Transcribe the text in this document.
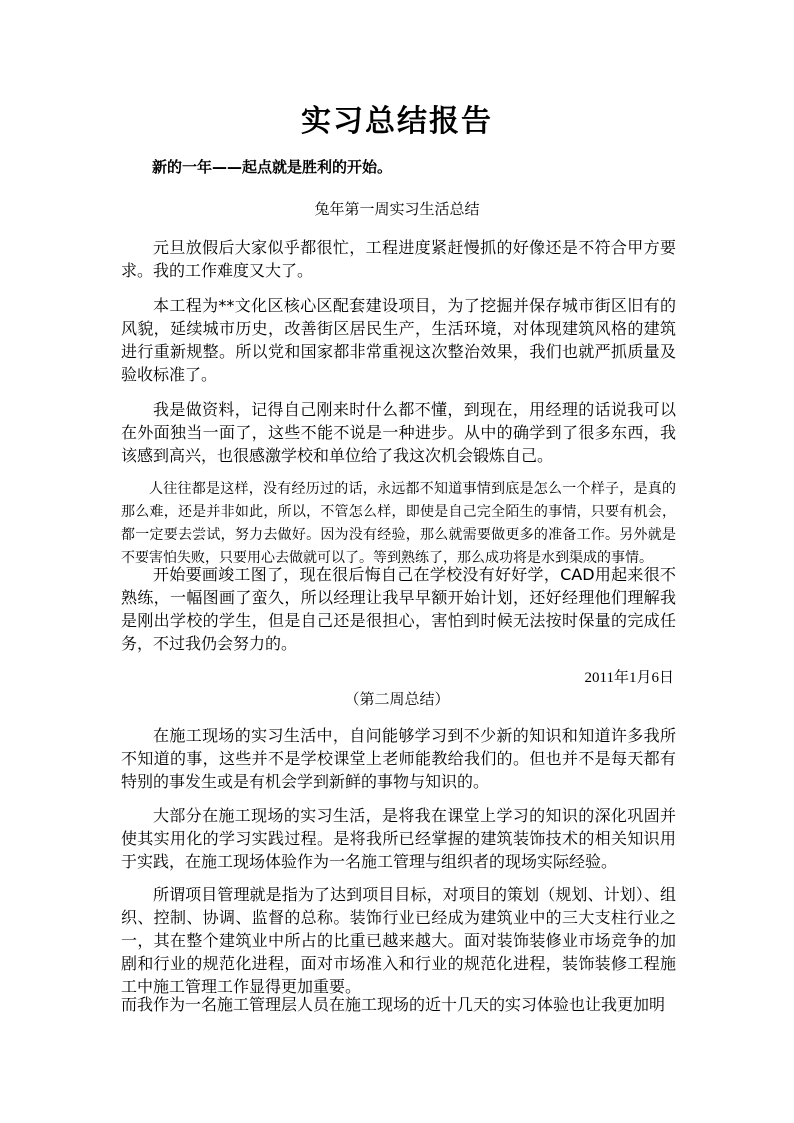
实习总结报告
新的一年——起点就是胜利的开始。
兔年第一周实习生活总结

元旦放假后大家似乎都很忙，工程进度紧赶慢抓的好像还是不符合甲方要求。我的工作难度又大了。

本工程为**文化区核心区配套建设项目，为了挖掘并保存城市街区旧有的风貌，延续城市历史，改善街区居民生产，生活环境，对体现建筑风格的建筑进行重新规整。所以党和国家都非常重视这次整治效果，我们也就严抓质量及验收标准了。

我是做资料，记得自己刚来时什么都不懂，到现在，用经理的话说我可以在外面独当一面了，这些不能不说是一种进步。从中的确学到了很多东西，我该感到高兴，也很感激学校和单位给了我这次机会锻炼自己。

人往往都是这样，没有经历过的话，永远都不知道事情到底是怎么一个样子，是真的那么难，还是并非如此，所以，不管怎么样，即使是自己完全陌生的事情，只要有机会，都一定要去尝试，努力去做好。因为没有经验，那么就需要做更多的准备工作。另外就是不要害怕失败，只要用心去做就可以了。等到熟练了，那么成功将是水到渠成的事情。

开始要画竣工图了，现在很后悔自己在学校没有好好学，CAD用起来很不熟练，一幅图画了蛮久，所以经理让我早早额开始计划，还好经理他们理解我是刚出学校的学生，但是自己还是很担心，害怕到时候无法按时保量的完成任务，不过我仍会努力的。

2011年1月6日
（第二周总结）

在施工现场的实习生活中，自问能够学习到不少新的知识和知道许多我所不知道的事，这些并不是学校课堂上老师能教给我们的。但也并不是每天都有特别的事发生或是有机会学到新鲜的事物与知识的。

大部分在施工现场的实习生活，是将我在课堂上学习的知识的深化巩固并使其实用化的学习实践过程。是将我所已经掌握的建筑装饰技术的相关知识用于实践，在施工现场体验作为一名施工管理与组织者的现场实际经验。

所谓项目管理就是指为了达到项目目标，对项目的策划（规划、计划）、组织、控制、协调、监督的总称。装饰行业已经成为建筑业中的三大支柱行业之一，其在整个建筑业中所占的比重已越来越大。面对装饰装修业市场竞争的加剧和行业的规范化进程，面对市场准入和行业的规范化进程，装饰装修工程施工中施工管理工作显得更加重要。

而我作为一名施工管理层人员在施工现场的近十几天的实习体验也让我更加明
